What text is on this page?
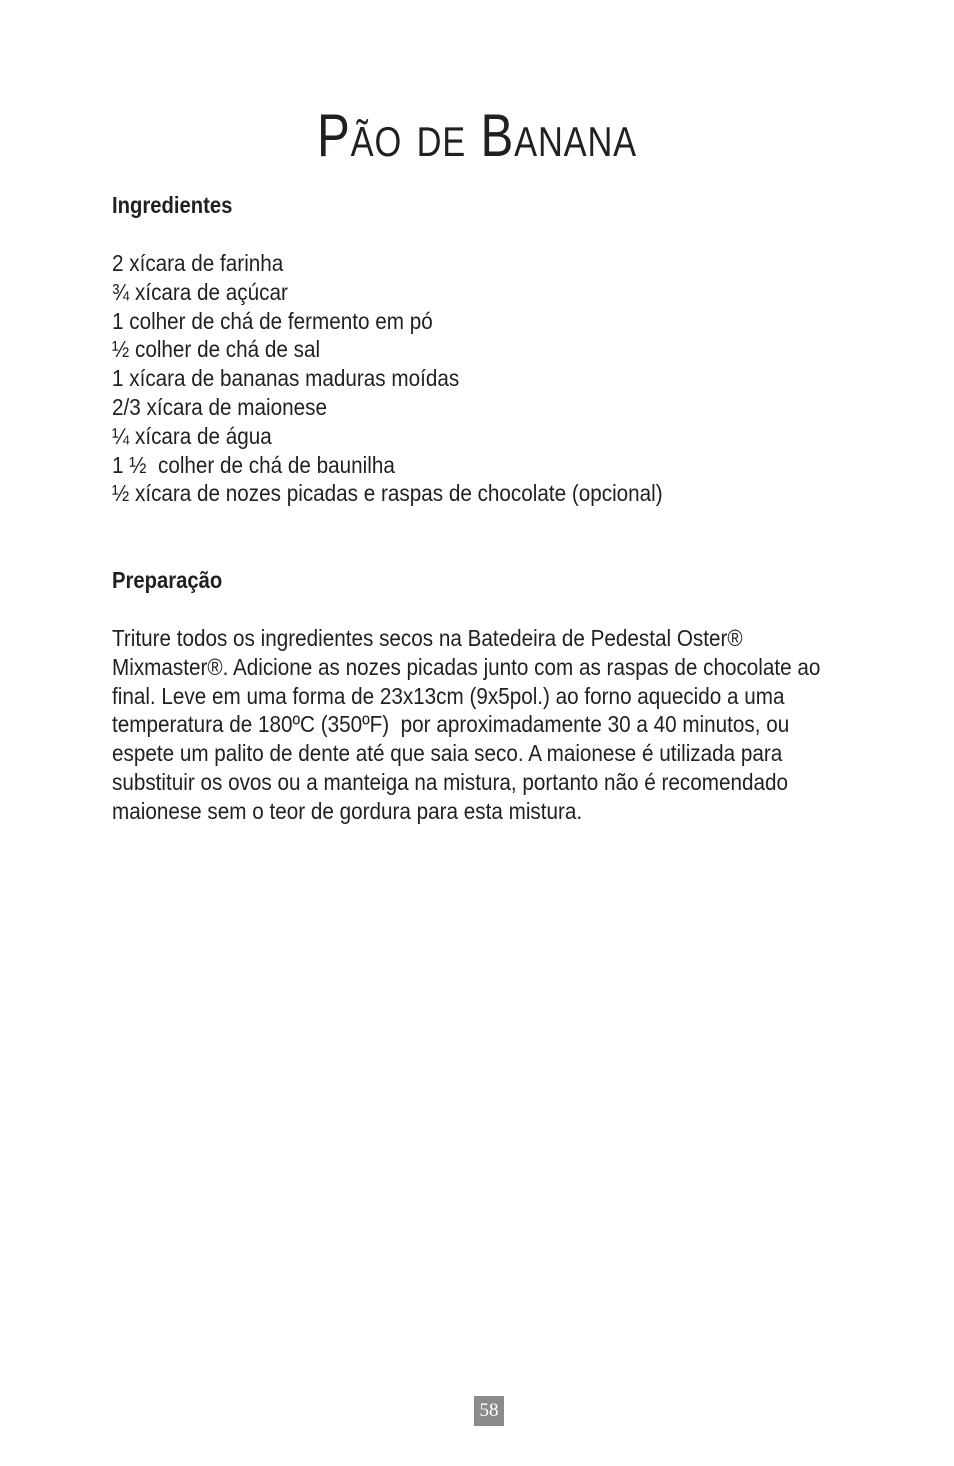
Pão de Banana
Ingredientes
2 xícara de farinha
¾ xícara de açúcar
1 colher de chá de fermento em pó
½ colher de chá de sal
1 xícara de bananas maduras moídas
2/3 xícara de maionese
¼ xícara de água
1 ½  colher de chá de baunilha
½ xícara de nozes picadas e raspas de chocolate (opcional)
Preparação

Triture todos os ingredientes secos na Batedeira de Pedestal Oster®
Mixmaster®. Adicione as nozes picadas junto com as raspas de chocolate ao
final. Leve em uma forma de 23x13cm (9x5pol.) ao forno aquecido a uma
temperatura de 180ºC (350ºF)  por aproximadamente 30 a 40 minutos, ou
espete um palito de dente até que saia seco. A maionese é utilizada para
substituir os ovos ou a manteiga na mistura, portanto não é recomendado
maionese sem o teor de gordura para esta mistura.

58
